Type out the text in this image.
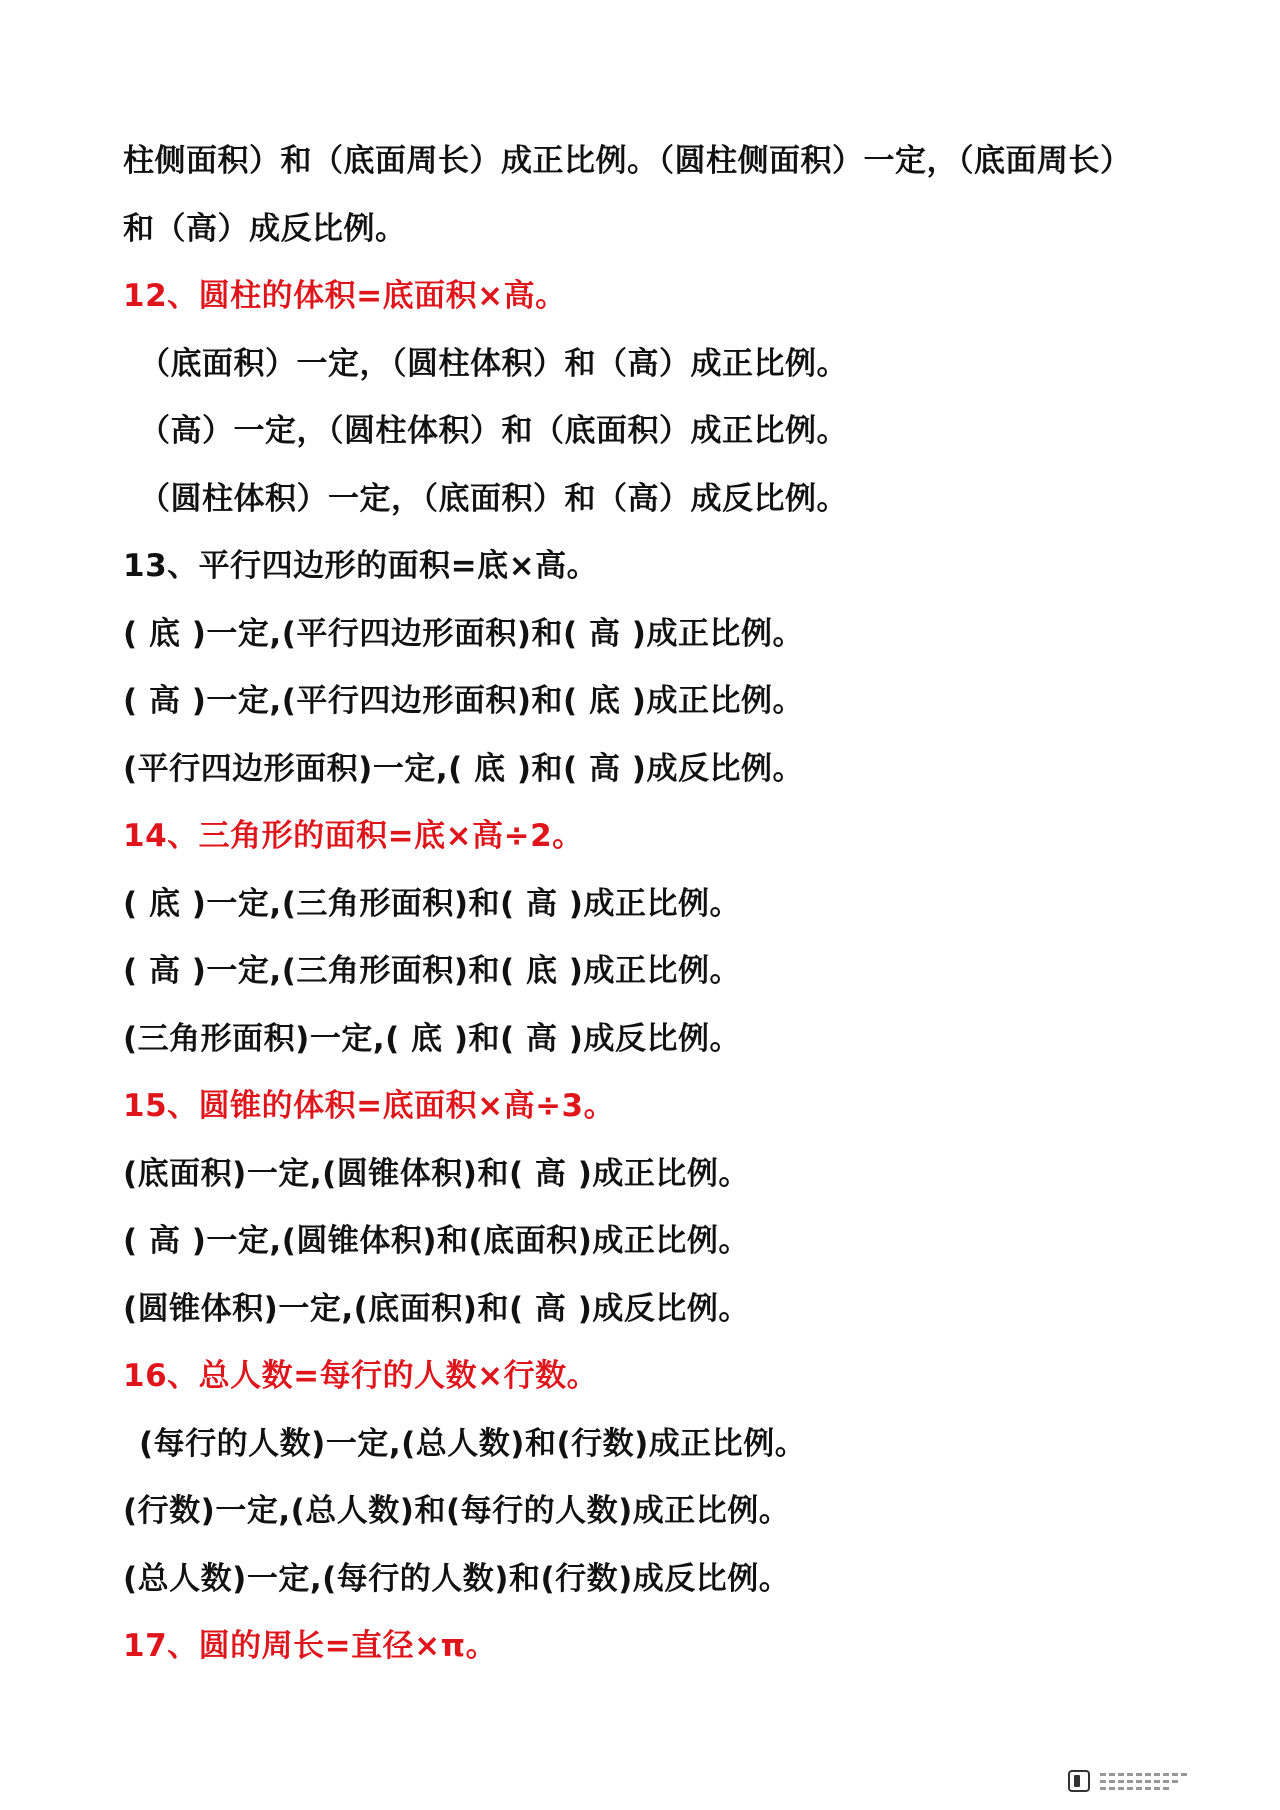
柱侧面积）和（底面周长）成正比例。（圆柱侧面积）一定，（底面周长）
和（高）成反比例。
12、圆柱的体积=底面积×高。
（底面积）一定，（圆柱体积）和（高）成正比例。
（高）一定，（圆柱体积）和（底面积）成正比例。
（圆柱体积）一定，（底面积）和（高）成反比例。
13、平行四边形的面积=底×高。
( 底 )一定,(平行四边形面积)和( 高 )成正比例。
( 高 )一定,(平行四边形面积)和( 底 )成正比例。
(平行四边形面积)一定,( 底 )和( 高 )成反比例。
14、三角形的面积=底×高÷2。
( 底 )一定,(三角形面积)和( 高 )成正比例。
( 高 )一定,(三角形面积)和( 底 )成正比例。
(三角形面积)一定,( 底 )和( 高 )成反比例。
15、圆锥的体积=底面积×高÷3。
(底面积)一定,(圆锥体积)和( 高 )成正比例。
( 高 )一定,(圆锥体积)和(底面积)成正比例。
(圆锥体积)一定,(底面积)和( 高 )成反比例。
16、总人数=每行的人数×行数。
(每行的人数)一定,(总人数)和(行数)成正比例。
(行数)一定,(总人数)和(每行的人数)成正比例。
(总人数)一定,(每行的人数)和(行数)成反比例。
17、圆的周长=直径×π。
